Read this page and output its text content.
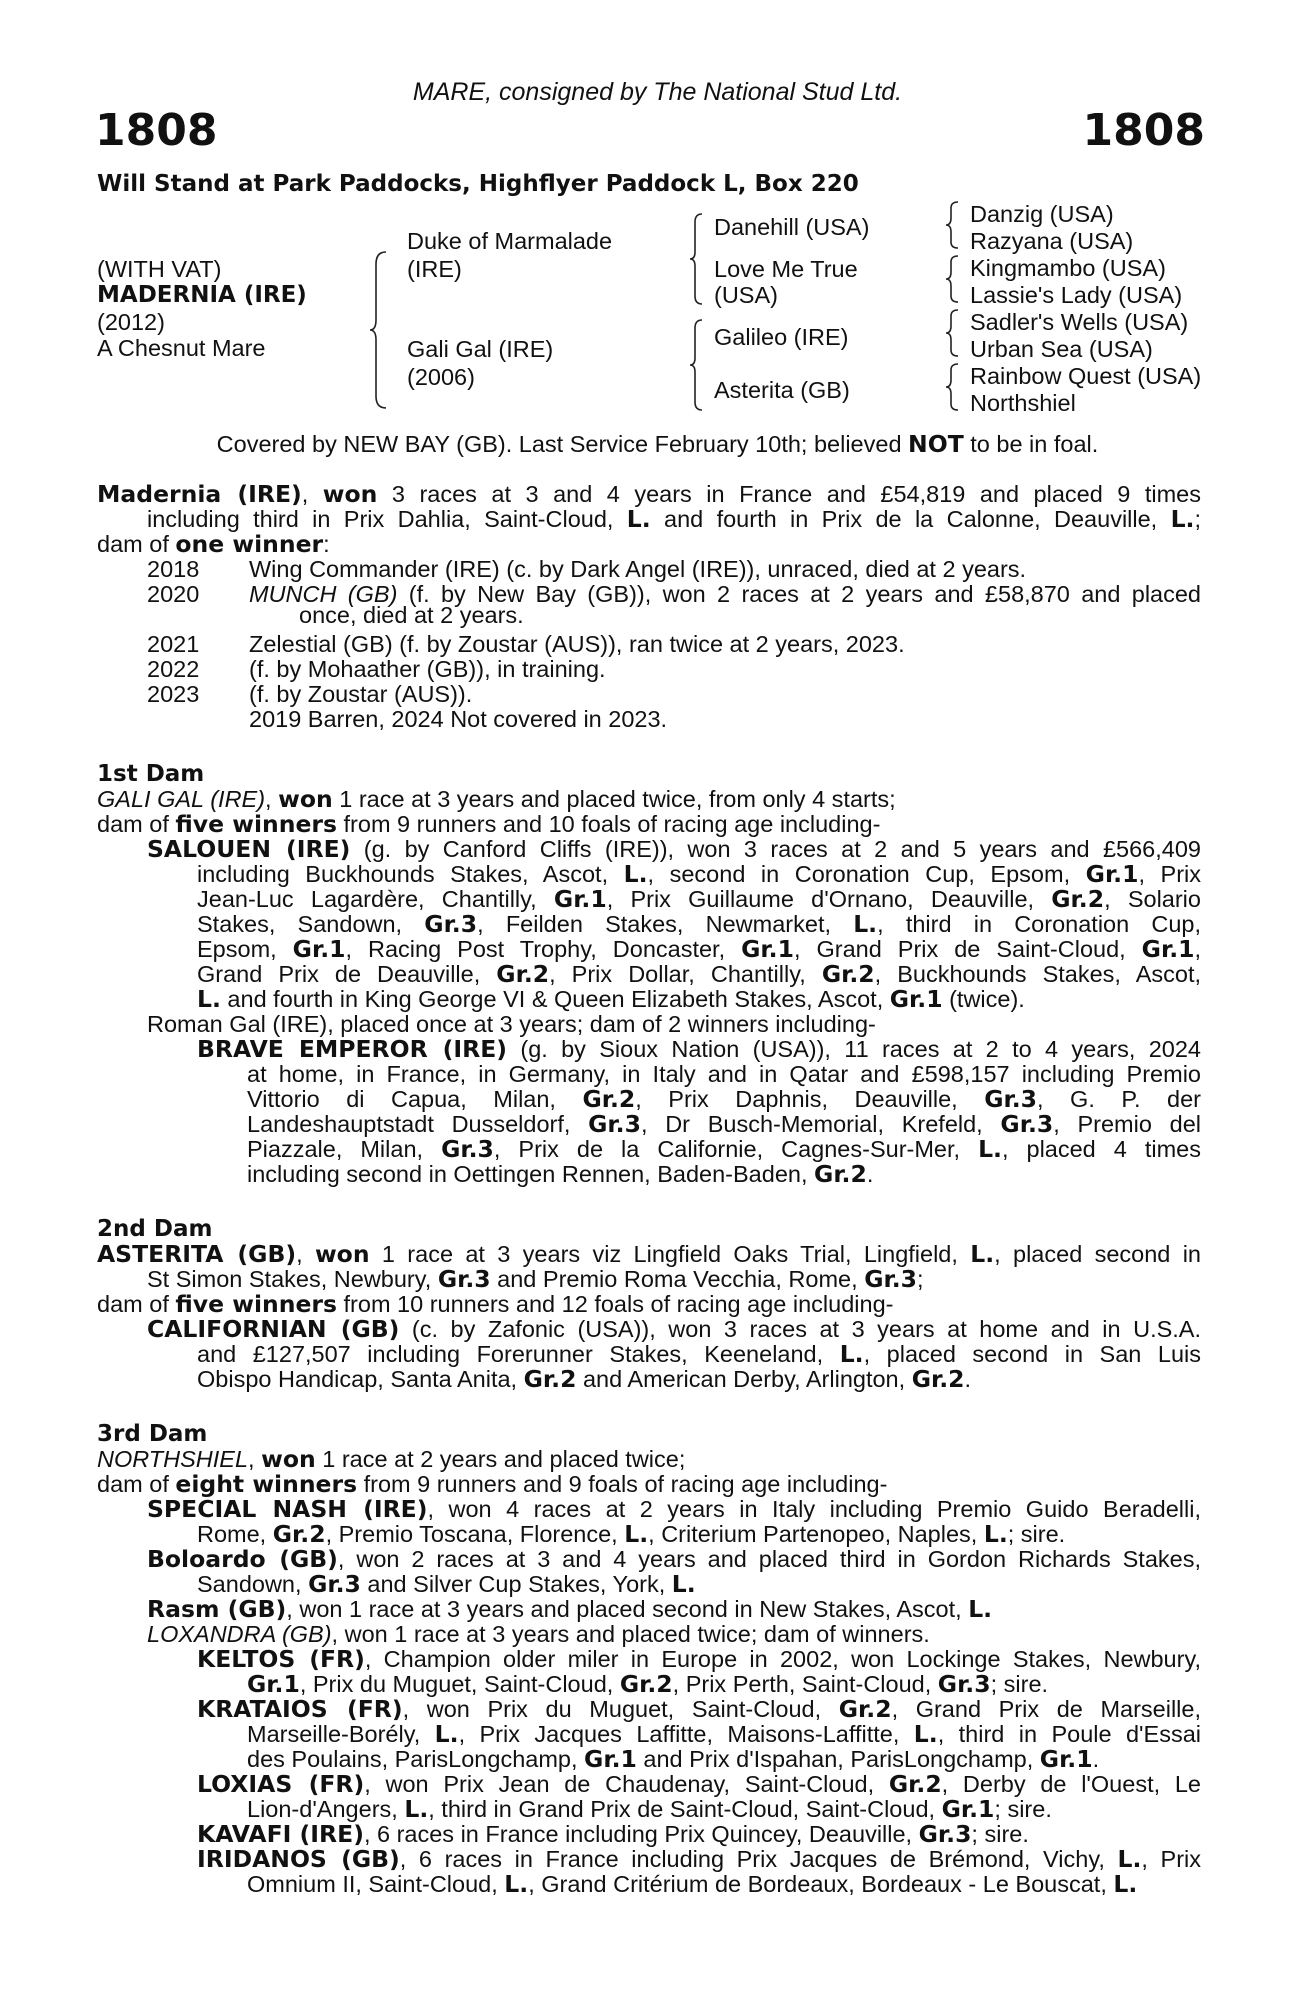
MARE, consigned by The National Stud Ltd.
1808	1808
Will Stand at Park Paddocks, Highflyer Paddock L, Box 220
(WITH VAT)
MADERNIA (IRE)
(2012)
A Chesnut Mare
Duke of Marmalade
(IRE)
Gali Gal (IRE)
(2006)
Danehill (USA)
Love Me True
(USA)
Galileo (IRE)
Asterita (GB)
Danzig (USA)
Razyana (USA)
Kingmambo (USA)
Lassie's Lady (USA)
Sadler's Wells (USA)
Urban Sea (USA)
Rainbow Quest (USA)
Northshiel
Covered by NEW BAY (GB). Last Service February 10th; believed NOT to be in foal.
Madernia (IRE), won 3 races at 3 and 4 years in France and £54,819 and placed 9 times
including third in Prix Dahlia, Saint-Cloud, L. and fourth in Prix de la Calonne, Deauville, L.;
dam of one winner:
2018 Wing Commander (IRE) (c. by Dark Angel (IRE)), unraced, died at 2 years.
2020 MUNCH (GB) (f. by New Bay (GB)), won 2 races at 2 years and £58,870 and placed
once, died at 2 years.
2021 Zelestial (GB) (f. by Zoustar (AUS)), ran twice at 2 years, 2023.
2022 (f. by Mohaather (GB)), in training.
2023 (f. by Zoustar (AUS)).
2019 Barren, 2024 Not covered in 2023.
1st Dam
GALI GAL (IRE), won 1 race at 3 years and placed twice, from only 4 starts;
dam of five winners from 9 runners and 10 foals of racing age including-
SALOUEN (IRE) (g. by Canford Cliffs (IRE)), won 3 races at 2 and 5 years and £566,409
including Buckhounds Stakes, Ascot, L., second in Coronation Cup, Epsom, Gr.1, Prix
Jean-Luc Lagardère, Chantilly, Gr.1, Prix Guillaume d'Ornano, Deauville, Gr.2, Solario
Stakes, Sandown, Gr.3, Feilden Stakes, Newmarket, L., third in Coronation Cup,
Epsom, Gr.1, Racing Post Trophy, Doncaster, Gr.1, Grand Prix de Saint-Cloud, Gr.1,
Grand Prix de Deauville, Gr.2, Prix Dollar, Chantilly, Gr.2, Buckhounds Stakes, Ascot,
L. and fourth in King George VI & Queen Elizabeth Stakes, Ascot, Gr.1 (twice).
Roman Gal (IRE), placed once at 3 years; dam of 2 winners including-
BRAVE EMPEROR (IRE) (g. by Sioux Nation (USA)), 11 races at 2 to 4 years, 2024
at home, in France, in Germany, in Italy and in Qatar and £598,157 including Premio
Vittorio di Capua, Milan, Gr.2, Prix Daphnis, Deauville, Gr.3, G. P. der
Landeshauptstadt Dusseldorf, Gr.3, Dr Busch-Memorial, Krefeld, Gr.3, Premio del
Piazzale, Milan, Gr.3, Prix de la Californie, Cagnes-Sur-Mer, L., placed 4 times
including second in Oettingen Rennen, Baden-Baden, Gr.2.
2nd Dam
ASTERITA (GB), won 1 race at 3 years viz Lingfield Oaks Trial, Lingfield, L., placed second in
St Simon Stakes, Newbury, Gr.3 and Premio Roma Vecchia, Rome, Gr.3;
dam of five winners from 10 runners and 12 foals of racing age including-
CALIFORNIAN (GB) (c. by Zafonic (USA)), won 3 races at 3 years at home and in U.S.A.
and £127,507 including Forerunner Stakes, Keeneland, L., placed second in San Luis
Obispo Handicap, Santa Anita, Gr.2 and American Derby, Arlington, Gr.2.
3rd Dam
NORTHSHIEL, won 1 race at 2 years and placed twice;
dam of eight winners from 9 runners and 9 foals of racing age including-
SPECIAL NASH (IRE), won 4 races at 2 years in Italy including Premio Guido Beradelli,
Rome, Gr.2, Premio Toscana, Florence, L., Criterium Partenopeo, Naples, L.; sire.
Boloardo (GB), won 2 races at 3 and 4 years and placed third in Gordon Richards Stakes,
Sandown, Gr.3 and Silver Cup Stakes, York, L.
Rasm (GB), won 1 race at 3 years and placed second in New Stakes, Ascot, L.
LOXANDRA (GB), won 1 race at 3 years and placed twice; dam of winners.
KELTOS (FR), Champion older miler in Europe in 2002, won Lockinge Stakes, Newbury,
Gr.1, Prix du Muguet, Saint-Cloud, Gr.2, Prix Perth, Saint-Cloud, Gr.3; sire.
KRATAIOS (FR), won Prix du Muguet, Saint-Cloud, Gr.2, Grand Prix de Marseille,
Marseille-Borély, L., Prix Jacques Laffitte, Maisons-Laffitte, L., third in Poule d'Essai
des Poulains, ParisLongchamp, Gr.1 and Prix d'Ispahan, ParisLongchamp, Gr.1.
LOXIAS (FR), won Prix Jean de Chaudenay, Saint-Cloud, Gr.2, Derby de l'Ouest, Le
Lion-d'Angers, L., third in Grand Prix de Saint-Cloud, Saint-Cloud, Gr.1; sire.
KAVAFI (IRE), 6 races in France including Prix Quincey, Deauville, Gr.3; sire.
IRIDANOS (GB), 6 races in France including Prix Jacques de Brémond, Vichy, L., Prix
Omnium II, Saint-Cloud, L., Grand Critérium de Bordeaux, Bordeaux - Le Bouscat, L.
